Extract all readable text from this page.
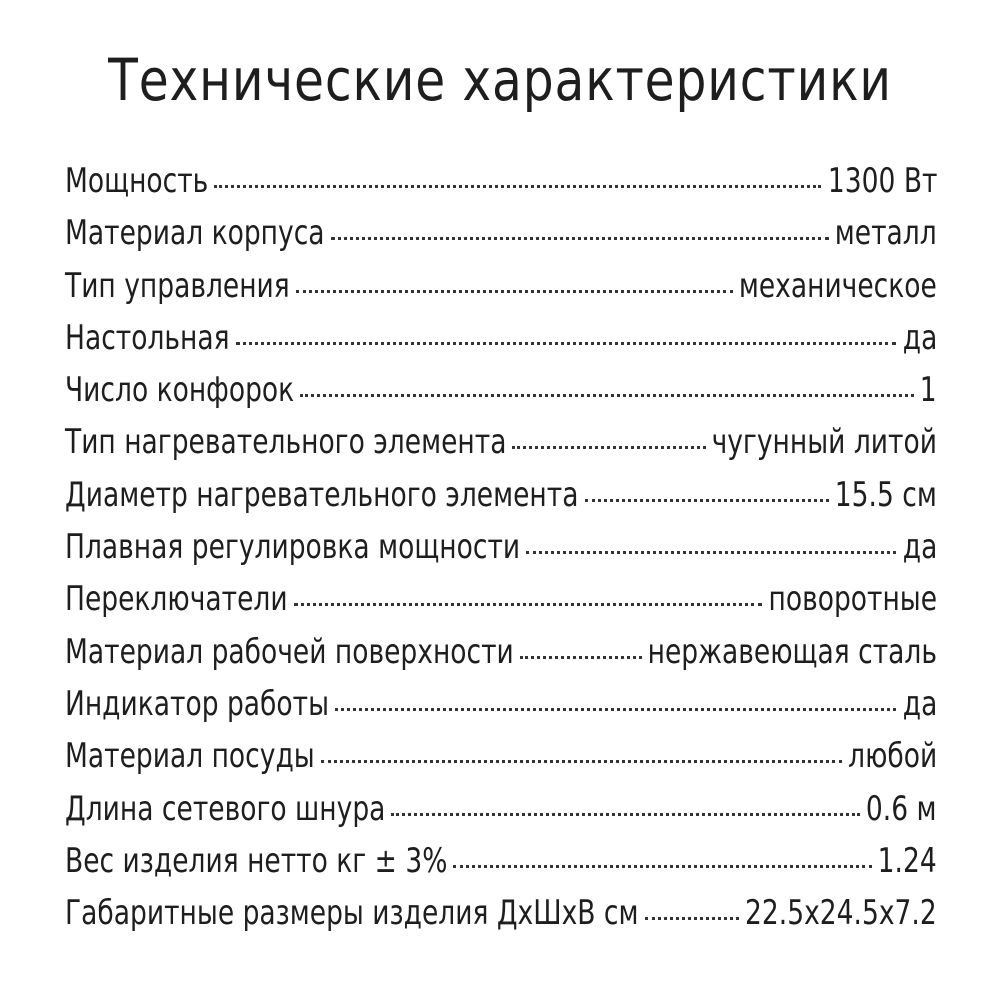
Технические характеристики
Мощность	1300 Вт
Материал корпуса	металл
Тип управления	механическое
Настольная	да
Число конфорок	1
Тип нагревательного элемента	чугунный литой
Диаметр нагревательного элемента	15.5 см
Плавная регулировка мощности	да
Переключатели	поворотные
Материал рабочей поверхности	нержавеющая сталь
Индикатор работы	да
Материал посуды	любой
Длина сетевого шнура	0.6 м
Вес изделия нетто кг ± 3%	1.24
Габаритные размеры изделия ДхШхВ см	22.5х24.5х7.2
